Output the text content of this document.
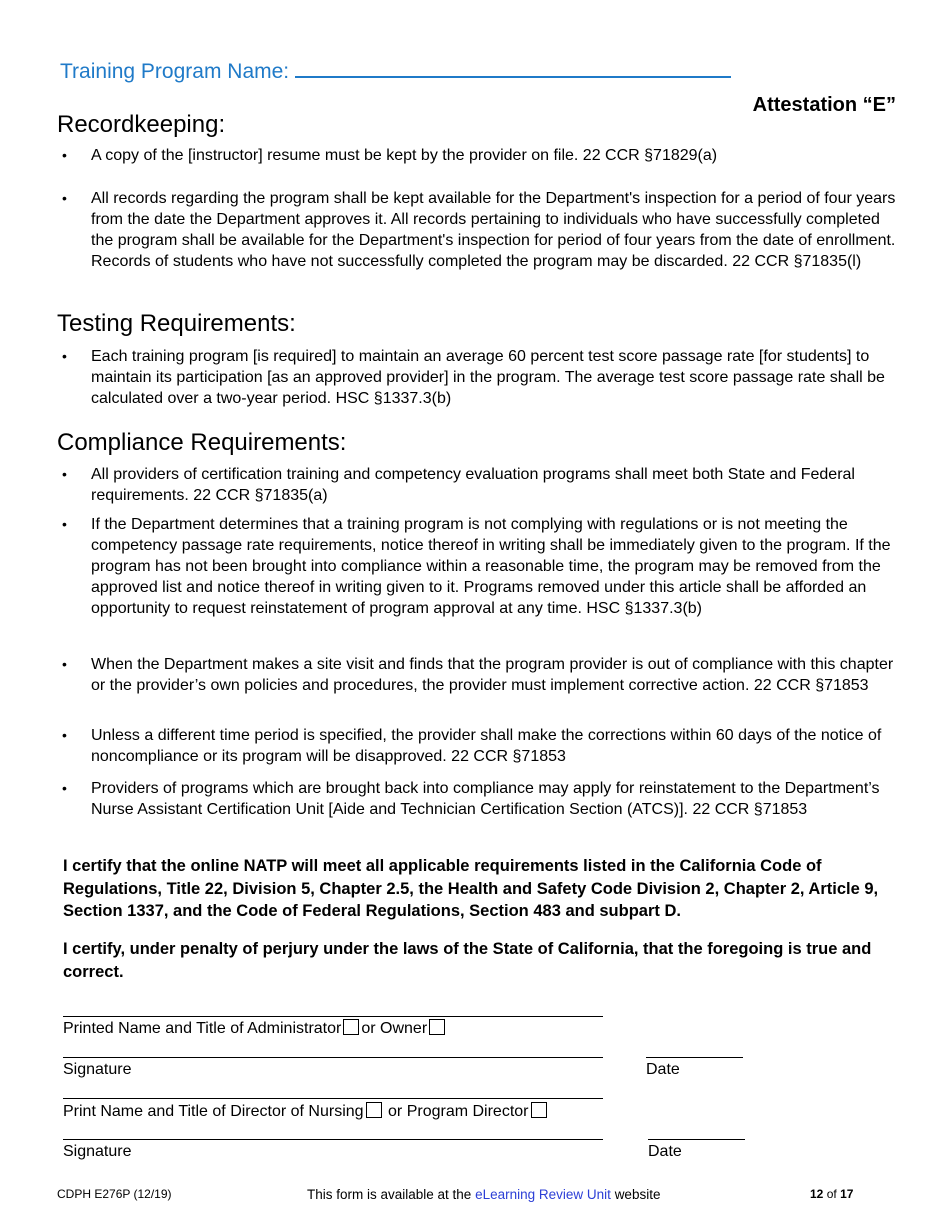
Training Program Name:
Attestation “E”
Recordkeeping:
• A copy of the [instructor] resume must be kept by the provider on file. 22 CCR §71829(a)
• All records regarding the program shall be kept available for the Department's inspection for a period of four years from the date the Department approves it. All records pertaining to individuals who have successfully completed the program shall be available for the Department's inspection for period of four years from the date of enrollment. Records of students who have not successfully completed the program may be discarded. 22 CCR §71835(l)
Testing Requirements:
• Each training program [is required] to maintain an average 60 percent test score passage rate [for students] to maintain its participation [as an approved provider] in the program. The average test score passage rate shall be calculated over a two-year period. HSC §1337.3(b)
Compliance Requirements:
• All providers of certification training and competency evaluation programs shall meet both State and Federal requirements. 22 CCR §71835(a)
• If the Department determines that a training program is not complying with regulations or is not meeting the competency passage rate requirements, notice thereof in writing shall be immediately given to the program. If the program has not been brought into compliance within a reasonable time, the program may be removed from the approved list and notice thereof in writing given to it. Programs removed under this article shall be afforded an opportunity to request reinstatement of program approval at any time. HSC §1337.3(b)
• When the Department makes a site visit and finds that the program provider is out of compliance with this chapter or the provider’s own policies and procedures, the provider must implement corrective action. 22 CCR §71853
• Unless a different time period is specified, the provider shall make the corrections within 60 days of the notice of noncompliance or its program will be disapproved. 22 CCR §71853
• Providers of programs which are brought back into compliance may apply for reinstatement to the Department’s Nurse Assistant Certification Unit [Aide and Technician Certification Section (ATCS)]. 22 CCR §71853

I certify that the online NATP will meet all applicable requirements listed in the California Code of Regulations, Title 22, Division 5, Chapter 2.5, the Health and Safety Code Division 2, Chapter 2, Article 9, Section 1337, and the Code of Federal Regulations, Section 483 and subpart D.

I certify, under penalty of perjury under the laws of the State of California, that the foregoing is true and correct.

Printed Name and Title of Administrator or Owner
Signature	Date
Print Name and Title of Director of Nursing or Program Director
Signature	Date
CDPH E276P (12/19)	This form is available at the eLearning Review Unit website	12 of 17
